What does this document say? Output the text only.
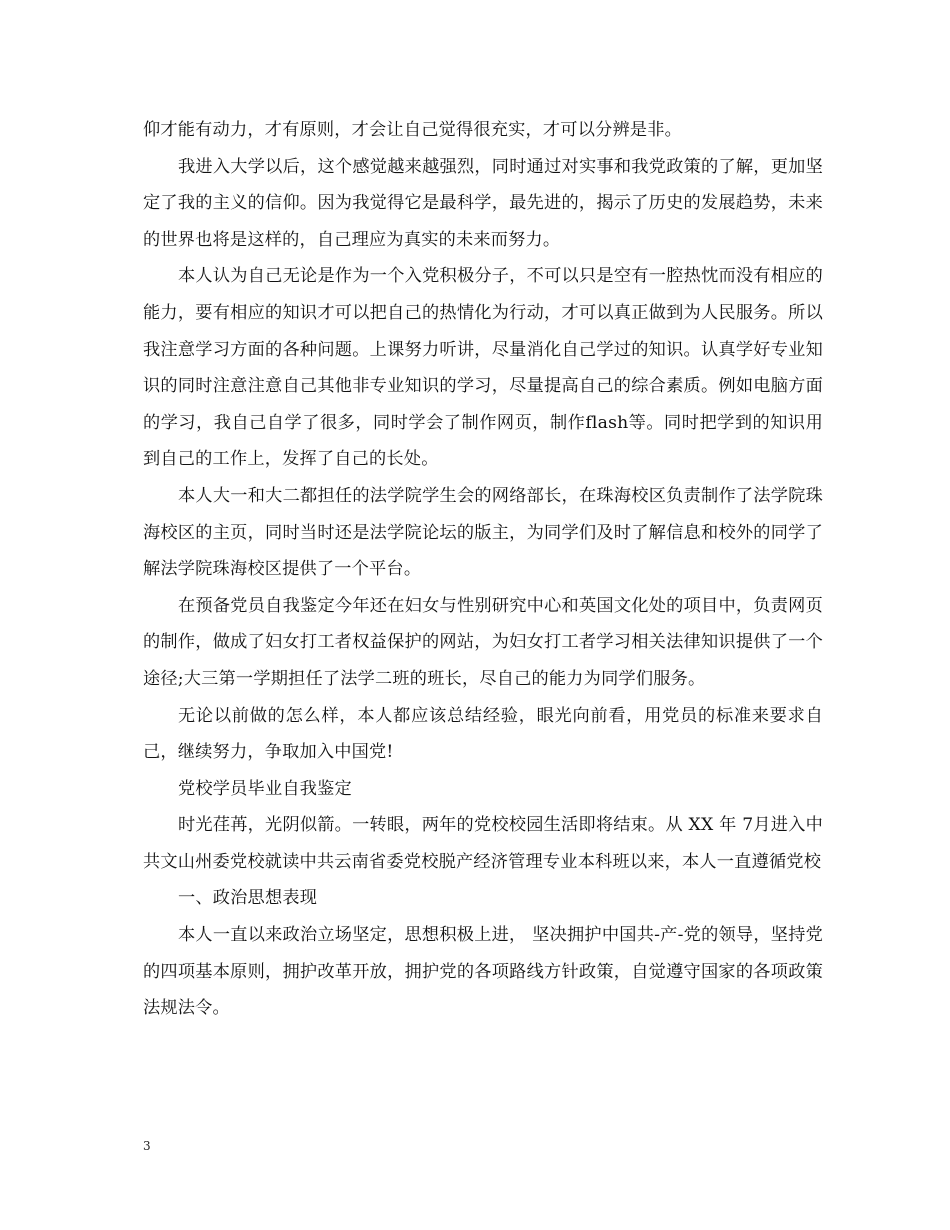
仰才能有动力，才有原则，才会让自己觉得很充实，才可以分辨是非。

我进入大学以后，这个感觉越来越强烈，同时通过对实事和我党政策的了解，更加坚定了我的主义的信仰。因为我觉得它是最科学，最先进的，揭示了历史的发展趋势，未来的世界也将是这样的，自己理应为真实的未来而努力。

本人认为自己无论是作为一个入党积极分子，不可以只是空有一腔热忱而没有相应的能力，要有相应的知识才可以把自己的热情化为行动，才可以真正做到为人民服务。所以我注意学习方面的各种问题。上课努力听讲，尽量消化自己学过的知识。认真学好专业知识的同时注意注意自己其他非专业知识的学习，尽量提高自己的综合素质。例如电脑方面的学习，我自己自学了很多，同时学会了制作网页，制作flash等。同时把学到的知识用到自己的工作上，发挥了自己的长处。

本人大一和大二都担任的法学院学生会的网络部长，在珠海校区负责制作了法学院珠海校区的主页，同时当时还是法学院论坛的版主，为同学们及时了解信息和校外的同学了解法学院珠海校区提供了一个平台。

在预备党员自我鉴定今年还在妇女与性别研究中心和英国文化处的项目中，负责网页的制作，做成了妇女打工者权益保护的网站，为妇女打工者学习相关法律知识提供了一个途径;大三第一学期担任了法学二班的班长，尽自己的能力为同学们服务。

无论以前做的怎么样，本人都应该总结经验，眼光向前看，用党员的标准来要求自己，继续努力，争取加入中国党!

党校学员毕业自我鉴定

时光荏苒，光阴似箭。一转眼，两年的党校校园生活即将结束。从 XX 年 7月进入中共文山州委党校就读中共云南省委党校脱产经济管理专业本科班以来，本人一直遵循党校

一、政治思想表现

本人一直以来政治立场坚定，思想积极上进， 坚决拥护中国共-产-党的领导，坚持党的四项基本原则，拥护改革开放，拥护党的各项路线方针政策，自觉遵守国家的各项政策法规法令。

3
